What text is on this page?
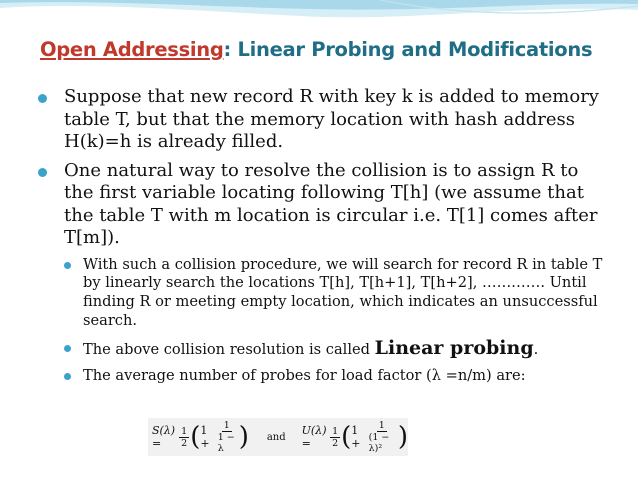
Open Addressing: Linear Probing and Modifications
Suppose that new record R with key k is added to memory table T, but that the memory location with hash address H(k)=h is already filled.
One natural way to resolve the collision is to assign R to the first variable locating following T[h] (we assume that the table T with m location is circular i.e. T[1] comes after T[m]).
With such a collision procedure, we will search for record R in table T by linearly search the locations T[h], T[h+1], T[h+2], …………. Until finding R or meeting empty location, which indicates an unsuccessful search.
The above collision resolution is called Linear probing.
The average number of probes for load factor (λ =n/m) are:
S(λ) =	$\frac{1}{2}$ ( $1 + \frac{1}{1 - \lambda}$ ) and U(λ) =	$\frac{1}{2}$ ( $1 + \frac{1}{\text{(1 − λ)²}}$ )
